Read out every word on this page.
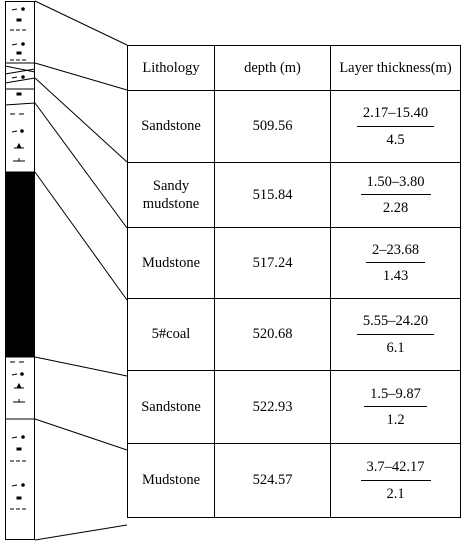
Lithology	depth (m)	Layer thickness(m)
Sandstone	509.56	$\frac{2.17-15.40}{4.5}$

Sandy mudstone	515.84	$\frac{1.50-3.80}{2.28}$

Mudstone	517.24	$\frac{2-23.68}{1.43}$

5#coal	520.68	$\frac{5.55-24.20}{6.1}$

Sandstone	522.93	$\frac{1.5-9.87}{1.2}$

Mudstone	524.57	$\frac{3.7-42.17}{2.1}$
